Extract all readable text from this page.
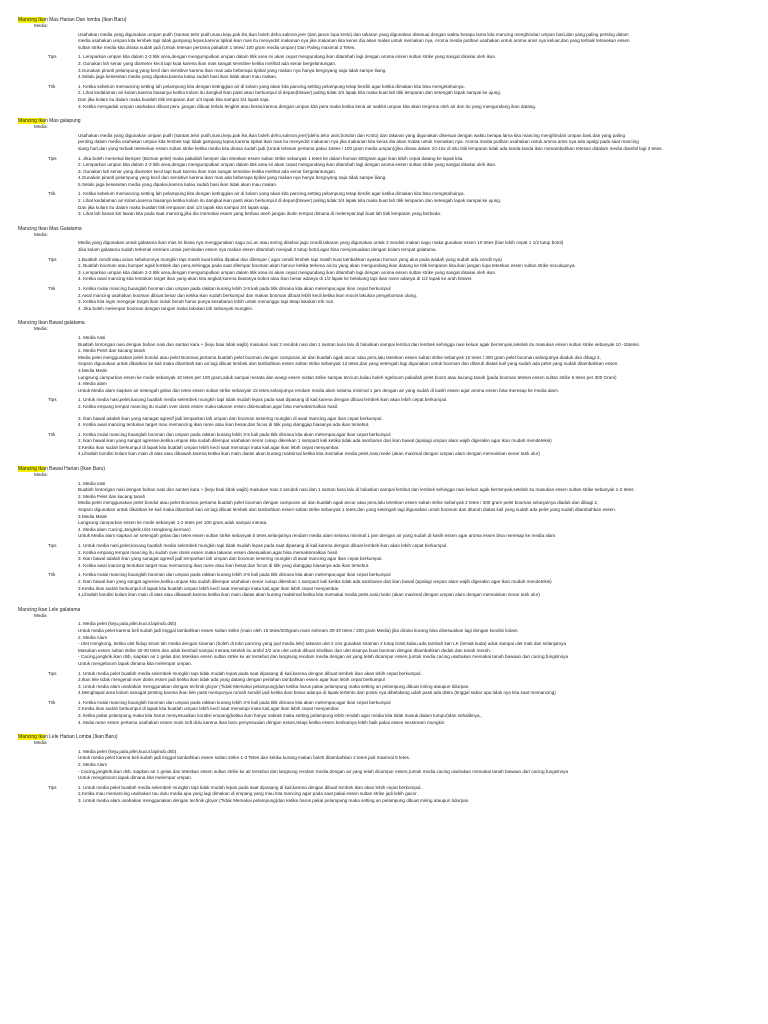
Mancing Ikan Mas Harian Dan lomba (Ikan Baru)
Media:

Usahakan media yang digunakan umpan putih (santan,telor putih,susu,keju,pak ikn,ikan boleh deho,salmon,jeer (dan jarum lupa krsto) dan takaran yang digunakan disesuai dengan waktu berapa lama kita mancing menghindari umpan basi,dan yang paling penting dalam

media usahakan umpan kita lembek tapi tidak gampang lepas,karena tipikal ikan mas itu menyedot makanan nya jika makanan kita keras dia akan malas untuk memakan nya. Aroma media putihan usahakan untuk aroma amis nya keluar,dan yang terbaik tetesekan essen

sultan strike media kita dirasa sudah jadi (Untuk tetesan pertama pakailah 1 tetes/ 100 gram media umpan) Dan Paling maximal 2 Tetes,

Tips	1. Lemparkan umpan kita dalam 2-3 titik area,dengan mengumpulkan umpan dalam titik area ini akan cepat mengundang ikan ditambah lagi dengan aroma essen sultan strike yang sangat disukai oleh ikan.

2. Gunakan lah senar yang diameter kecil tapi kuat karena ikan mas sangat sensitive ketika melihat ada senar bergelantungan.

3.Gunakan piranti pelampung yang kecil dan sensitive karena ikan mas ada beberapa tipikal yang makan nya hanya bergoyang saja tidak sampe iliang.

4.Selalu jaga kesesetan media yang dipakai,karena kalau sudah basi ikan tidak akan mau makan.

Trik	1. Ketika sebelum memancing setting lah pelampung kita dengan ketinggian air di kolam yang akan kita pancing,setting pelampung tetap berdiri agar ketika dimakan kita bisa mengetahuinya.

2. Lihat kedalaman air kolam,karena biasanya ketika kolam itu dangkal ikan pasti akan berkumpul di depan(blower) paling tidak 3/4 lapak kita maka buat lah titik lemparan dan setengah lapak sampai ke ujung.

Dan jika kolam itu dalam maka buatlah titik lemparan dari 1/4 lapak kita sampai 3/4 lapak saja.

3. Ketika mengaduk umpan usahakan dibuat pera ,jangan dibuat terlalu lengket atau keras,karena dengan umpan kita pera maka ketika kena air sedikit umpan kita akan tergerus oleh air dan itu yang mengundang ikan datang.

Mancing Ikan Mas galapung
Media:

Usahakan media yang digunakan umpan putih (santan,telor putih,susu,keju,pak ikn,ikan boleh deho,salmon,jeer)(deho,telor asin,bondon dan Kroto) dan takaran yang digunakan disesuai dengan waktu berapa lama kita mancing menghindari umpan basi,dan yang paling

penting dalam media usahakan umpan kita lembek tapi tidak gampang lepas,karena tipikal ikan mas itu menyedot makanan nya jika makanan kita keras dia akan malas untuk memakan nya. Aroma media putihan usahakan untuk aroma amis nya ada apalgi pada saat mancing

siang hari,dan yang terbaik tetesekan essen sultan strike ketika media kita dirasa sudah jadi (Untuk tetesan pertama pakai 1tetes / 100 gram media umpan)(jika dirasa dalam 10-15x di situ titik lemparan tidak ada tanda-tanda ikan menambahkan tetesan didalam media diambil lagi 3 tetes.

Tips	1. Jika boleh memekai Bemper (Boman pelet) maka pakailah bemper dan teteskan essen sultan strike sebanyak 1 tetes ke dalam boman 500gram,agar ikan lebih cepat datang ke lapak kita.

2. Lemparkan umpan kita dalam 2-3 titik area,dengan mengumpulkan umpan dalam titik area ini akan cepat mengundang ikan ditambah lagi dengan aroma essen sultan strike yang sangat disukai oleh ikan.

3. Gunakan lah senar yang diameter kecil tapi kuat karena ikan mas sangat sensitive ketika melihat ada senar bergelantungan.

4.Gunakan piranti pelampung yang kecil dan sensitive karena ikan mas ada beberapa tipikal yang makan nya hanya bergoyang saja tidak sampe iliang.

5.Selalu jaga kesesetan media yang dipakai,karena kalau sudah basi ikan tidak akan mau makan.

Trik	1. Ketika sebelum memancing setting lah pelampung kita dengan ketinggian air di kolam yang akan kita pancing,setting pelampung tetap berdiri agar ketika dimakan kita bisa mengetahuinya.

2. Lihat kedalaman air kolam,karena biasanya ketika kolam itu dangkal ikan pasti akan berkumpul di depan(blower) paling tidak 3/4 lapak kita maka buat lah titik lemparan dan setengah lapak sampai ke ujung.

Dan jika kolam itu dalam maka buatlah titik lemparan dari 1/4 lapak kita sampai 3/4 lapak saja.

3. Lihat lah kanan kiri lawan kita pada saat mancing,jika dia memakai essen yang berbau aneh jangan ikutin tempat dimana di melempar,tapi buat lah titik lemparan yang berbeda.

Mancing Ikan Mas Galatama
Media:

Media yang digunakan untuk galatama ikan mas ini biasa nya menggunakan sagu aci,an atau sering disebut jagu cendil,takaran yang digunakan untuk 3 sendok makan sagu maka gunakan essen 10 tetes (biar lebih cepat 1 1/2 tutup botol)

Jika kolam galatama sudah terkenal extream untuk pemisalan essen nya makan essen ditambah menjadi 2 tutup botol,agar bisa menyesuaikan dengan kolam tempat galatama.

Tips	1.Buatlah cendil atau acian sebelumnya mungkin tapi masih kuat ketika dipakai dan dilempar ( agar cendil lembek tapi masih kuat tambahkan ayakan boman yang alus pada wadah yang sudah ada cendil nya)

2. Buatlah booman atau bumper agak lembek dan pera,sehingga pada saat dilempar booman akan hancur ketika terkena air,itu yang akan mengundang ikan datang ke titik lemparan kita.ikan jangan lupa teteskan essen sultan strike secukupnya.

3. Lemparkan umpan kita dalam 2-3 titik area,dengan mengumpulkan umpan dalam titik area ini akan cepat mengundang ikan ditambah lagi dengan aroma essen sultan strike yang sangat disukai oleh ikan.

4. Ketika awal mancing kita tentukan target ikan yang akan kita angkat,karena biasanya bobot atau ikan besar adanya di 1/2 lapak ke belakang tapi ikan rame adanya di 1/2 lapak ke arah blower.

Trik	1. Ketika mulai mancing buanglah booman dan umpan pada rakitan kurang lebih 3-5 kali pada titik dimana kita akan melempar,agar ikan cepat berkumpul

2.Awal mancing usahakan booman dibuat besar dan ketika ikan sudah berkumpul dan makan booman dibuat lebih kecil,ketika ikan mocel lakukan pengeboman ulang.

3. Ketika kita ingin mengejar target ikan induk beratt harus punya kesabaran lebih untuk menunggu tapi tetap lakukan trik no2.

4. Jika boleh melempar booman dengan tangan maka lakukan lah sebanyak mungkin.

Mancing Ikan Bawal galatama
Media:

1. Media nasi

Buatlah lontongan nasi dengan bahan nasi dan santan kara + (keju bsai tidak wajib) masukan nasi 2 sendok nasi dan 1 santan kara lalu di haluskan sampai lembut dan lembek sehingga nasi keluar agak berminyak,setelah itu masukan essen sultan strike sebanyak 10 -15tetes.

2. Media Pelet dan kacang tanah

Media pelet menggunakan pelet bondul atau pelet Booman,pertama buatlah pelet booman dengan campuran air dan buatlah agak ancur atau pera,lalu teteskan essen sultan strike sebanyak 10 tetes / 300 gram pelet booman,selanjutnya diaduk dan dibagi 2,

Separo digunakan untuk dikaitkan ke kail maka ditambah kan air lagi dibuat lembek dan tambahkan essen sultan strike sebanyak 12 tetes,dan yang setengah lagi digunakan untuk booman dan ditaruh diatas kail yang sudah ada pelet yang sudah ditambahkan essen.

3.Media Mede

Langsung campurkan essen ke mede sebanyak 10 tetes per 100 gram,aduk sampai merata dan wangi essen sultan strike sampai tercium,kalau boleh ngeboom pakailah pelet boom atau kacang tanah (pada booman tetesin essen sultan strike 5 tetes per 300 Gram)

4. Media alam

Untuk Media alam siapkan air setengah gelas dan tetes essen sultan strike sebanyak 15 tetes,selanjutnya rendam media alam selama minimal 1 jam dengan air yang sudah di kasih essen agar aroma essen bisa meresap ke media alam.

Tips	1. Untuk media nasi,pelet,kacang buatlah media selembek mungkin tapi tidak mudah lepas pada saat dipasang di kail,karena dengan dibuat lembek ikan akan lebih cepat berkumpul.

2. Ketika empang tempat mancing itu sudah over dosis essen maka takaran essen disesuaikan,agar bisa memaksimalkan hasil.

3. Ikan bawal adalah ikan yang sanagat agresif jadi lemparkan lah umpan dan booman sesering mungkin di awal mancing agar ikan cepat berkumpul.

4. Ketika awal mancing tentukan target mau memancing ikan rame atau ikan besar,dan focus di titik yang dianggap biasanya ada ikan tersebut.

Trik	1. Ketika mulai mancing buanglah booman dan umpan pada rakitan kurang lebih 3-5 kali pada titik dimana kita akan melempar,agar ikan cepat berkumpul

2. Ikan bawal ikan yang sangat agresive,ketika umpan kita sudah dilempar usahakan senar cukup dikenkan 1 sampai3 kali ketika tidak ada sambaran dari ikan bawal (apalagi umpan alam wajib digerakin agar ikan mudah mendeteksi)

3.Ketika ikan sudah berkumpul di lapak kita buatlah umpan lebih kecil saat menutupi mata kail,agar ikan lebih cepat menyambar.

4,Lihatlah kondisi kolam ikan main di atas atau dibawah,karena ketika ikan main diatas akan kurang maksimal ketika kita memakai media pelet,nasi,mede (akan maximal dengan umpan alam dengan memainkan senar tarik ulur)

Mancing Ikan Bawal Harian (Ikan Baru)
Media:

1. Media nasi

Buatlah lontongan nasi dengan bahan nasi dan santan kara + (keju bsai tidak wajib) masukan nasi 2 sendok nasi dan 1 santan kara lalu di haluskan sampai lembut dan lembek sehingga nasi keluar agak berminyak,setelah itu masukan essen sultan strike sebanyak 1-2 tetes.

2. Media Pelet dan kacang tanah

Media pelet menggunakan pelet bondul atau pelet Booman,pertama buatlah pelet booman dengan campuran air dan buatlah agak ancur atau pera,lalu teteskan essen sultan strike sebanyak 2 tetes / 300 gram pelet booman,selanjutnya diaduk dan dibagi 2,

Separo digunakan untuk dikaitkan ke kail maka ditambah kan air lagi dibuat lembek dan tambahkan essen sultan strike sebanyak 1 tetes,dan yang setengah lagi digunakan untuk booman dan ditaruh diatas kail yang sudah ada pelet yang sudah ditambahkan essen.

3.Media Mede

Langsung campurkan essen ke mede sebanyak 1-2 tetes per 100 gram,aduk sampai merata.

4. Media alam Cacing,Jangkrik,Ulet Hongkong,kerman)

Untuk Media alam siapkan air setengah gelas dan tetes essen sultan strike sebanyak 5 tetes,selanjutnya rendam media alam selama minimal 1 jam dengan air yang sudah di kasih essen agar aroma essen bisa meresap ke media alam.

Tips	1. Untuk media nasi,pelet,kacang buatlah media selembek mungkin tapi tidak mudah lepas pada saat dipasang di kail,karena dengan dibuat lembek ikan akan lebih cepat berkumpul.

2. Ketika empang tempat mancing itu sudah over dosis essen maka takaran essen disesuaikan,agar bisa memaksimalkan hasil.

3. Ikan bawal adalah ikan yang sanagat agresif jadi lemparkan lah umpan dan booman sesering mungkin di awal mancing agar ikan cepat berkumpul.

4. Ketika awal mancing tentukan target mau memancing ikan rame atau ikan besar,dan focus di titik yang dianggap biasanya ada ikan tersebut.

Trik	1. Ketika mulai mancing buanglah booman dan umpan pada rakitan kurang lebih 3-5 kali pada titik dimana kita akan melempar,agar ikan cepat berkumpul

2. Ikan bawal ikan yang sangat agresive,ketika umpan kita sudah dilempar usahakan senar cukup dikenkan 1 sampai3 kali ketika tidak ada sambaran dari ikan bawal (apalagi umpan alam wajib digerakin agar ikan mudah mendeteksi)

3.Ketika ikan sudah berkumpul di lapak kita buatlah umpan lebih kecil saat menutupi mata kail,agar ikan lebih cepat menyambar.

4,Lihatlah kondisi kolam ikan main di atas atau dibawah,karena ketika ikan main diatas akan kurang maksimal ketika kita memakai media pelet,nasi,mede (akan maximal dengan umpan alam dengan memainkan senar tarik ulur)

Mancing ikan Lele galatama
Media

1. Media pelet (keju,pala,pilet,kucur,lapindo,dsb)

Untuk media pelet karena beli sudah jadi tinggal tambahkan essen sultan strike (main oleh 15 tetes/200gram,main extream 30-40 tetes / 200 gram Media) jika dirasa kurang bisa disesuaikan lagi dengan kondisi kolam.

2. Media Alam

- Ulet Hongkong, ketika ulet hidup siram lah media dengan siraman (boleh di toko pancing yang jual media lele) takaran ulet 2 ons gunakan siraman 2 tutup botol,kalau ada tambah kan LK (lemak kuda) aduk sampai ulet mati dan selanjutnya

Masukan essen sultan strike 20-30 tetes dan aduk kembali sampai merata,setelah itu ambil 1/2 ons ulet untuk dibuat sindikan dan ulet sisanya buat booman dengan ditambahkan dedak dan tanah merah.

- Cacing,jangkrik,ikan dsb, siapkan air 1 gelas dan teteskan essen sultan strike ke air tersebut dan langsung rendam media dengan air yang telah dicampur essen,(untuk media cacing usahakan memakai tanah bawaan dari cacing,fungsinnya

Untuk mengeboom lapak dimana kita melempar umpan.

Tips	1. Untuk media pelet buatlah media selembek mungkin tapi tidak mudah lepas pada saat dipasang di kail,karena dengan dibuat lembek ikan akan lebih cepat berkumpul.

2,Ikan lele tidak mengenal over dosis essen jadi ketika ikan tidak ada yang datang dengan perlahan tambahkan essen agar ikan lebih cepat berkumpul

3. Untuk media alam usahakan menggunakan dengan technik gloyor (Tidak Memakai pelampung)dan ketika harus pakai pelampung maka setting an pelampung dibuat miring ataupun tidurpan.

4.Menghapal area kolam sanagat penting karena ikan lele pasti mempunyai rumah sendiri jadi ketika ikan besar adanya di lapak tertentu dan posisi nya dibelakang udah pasti ada disitu (tinggal sabar apa tidak nya kita saat memancing)

Trik	1. Ketika mulai mancing buanglah booman dan umpan pada rakitan kurang lebih 3-5 kali pada titik dimana kita akan melempar,agar ikan cepat berkumpul

2.Ketika ikan sudah berkumpul di lapak kita buatlah umpan lebih kecil saat menutupi mata kail,agar ikan lebih cepat menyambar.

3. ketika pakai pelampung maka kita harus menyesuaikan kondisi empang(ketika ikan hanya nabrak maka setting pelampung lebih rendah agar media kita tidak masuk dalam lumpur)dan sebaliknya,,

4. Mulai rame essen pertama usahakan essen main soft dulu karena ikan baru penyesuaian dengan essen,tetapi ketika essen berikutnya lebih baik pakai essen sexstream mungkin

Mancing Ikan Lele Harian Lomba (Ikan Baru)
Media

1. Media pelet (keju,pala,pilet,kucur,lapindo,dsb)

Untuk media pelet karena beli sudah jadi tinggal tambahkan essen sultan strike 1-3 Tetes dan ketika kurang makan boleh ditambahkan 2 tetes jadi maximal 5 tetes.

2. Media Alam

- Cacing,jangkrik,ikan dsb, siapkan air 1 gelas dan teteskan essen sultan strike ke air tersebut dan langsung rendam media dengan air yang telah dicampur essen,(untuk media cacing usahakan memakai tanah bawaan dari cacing,fungsinnya

Untuk mengeboom lapak dimana kita melempar umpan.

Tips	1. Untuk media pelet buatlah media selembek mungkin tapi tidak mudah lepas pada saat dipasang di kail,karena dengan dibuat lembek ikan akan lebih cepat berkumpul.

2,Ketika mau memancing usahakan tau dulu media apa yang lagi dimakan di empang yang mau kita mancing agar pada saat pakai essen sultan strike jadi lebih gacor .

3. Untuk media alam usahakan menggunakan dengan technik gloyor (Tidak Memakai pelampung)dan ketika harus pakai pelampung maka setting an pelampung dibuat miring ataupun tidurpan.
